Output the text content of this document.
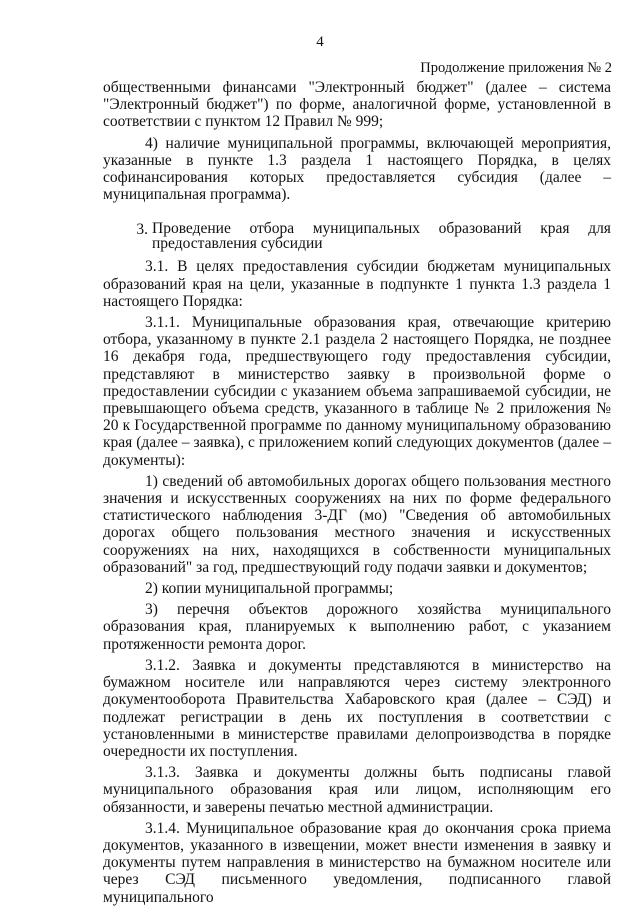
4
Продолжение приложения № 2

общественными финансами "Электронный бюджет" (далее – система "Электронный бюджет") по форме, аналогичной форме, установленной в соответствии с пунктом 12 Правил № 999;

4) наличие муниципальной программы, включающей мероприятия, указанные в пункте 1.3 раздела 1 настоящего Порядка, в целях софинансирования которых предоставляется субсидия (далее – муниципальная программа).

3. Проведение отбора муниципальных образований края для
предоставления субсидии

3.1. В целях предоставления субсидии бюджетам муниципальных образований края на цели, указанные в подпункте 1 пункта 1.3 раздела 1 настоящего Порядка:

3.1.1. Муниципальные образования края, отвечающие критерию отбора, указанному в пункте 2.1 раздела 2 настоящего Порядка, не позднее 16 декабря года, предшествующего году предоставления субсидии, представляют в министерство заявку в произвольной форме о предоставлении субсидии с указанием объема запрашиваемой субсидии, не превышающего объема средств, указанного в таблице № 2 приложения № 20 к Государственной программе по данному муниципальному образованию края (далее – заявка), с приложением копий следующих документов (далее – документы):

1) сведений об автомобильных дорогах общего пользования местного значения и искусственных сооружениях на них по форме федерального статистического наблюдения 3-ДГ (мо) "Сведения об автомобильных дорогах общего пользования местного значения и искусственных сооружениях на них, находящихся в собственности муниципальных образований" за год, предшествующий году подачи заявки и документов;

2) копии муниципальной программы;

3) перечня объектов дорожного хозяйства муниципального образования края, планируемых к выполнению работ, с указанием протяженности ремонта дорог.

3.1.2. Заявка и документы представляются в министерство на бумажном носителе или направляются через систему электронного документооборота Правительства Хабаровского края (далее – СЭД) и подлежат регистрации в день их поступления в соответствии с установленными в министерстве правилами делопроизводства в порядке очередности их поступления.

3.1.3. Заявка и документы должны быть подписаны главой муниципального образования края или лицом, исполняющим его обязанности, и заверены печатью местной администрации.

3.1.4. Муниципальное образование края до окончания срока приема документов, указанного в извещении, может внести изменения в заявку и документы путем направления в министерство на бумажном носителе или через СЭД письменного уведомления, подписанного главой муниципального
